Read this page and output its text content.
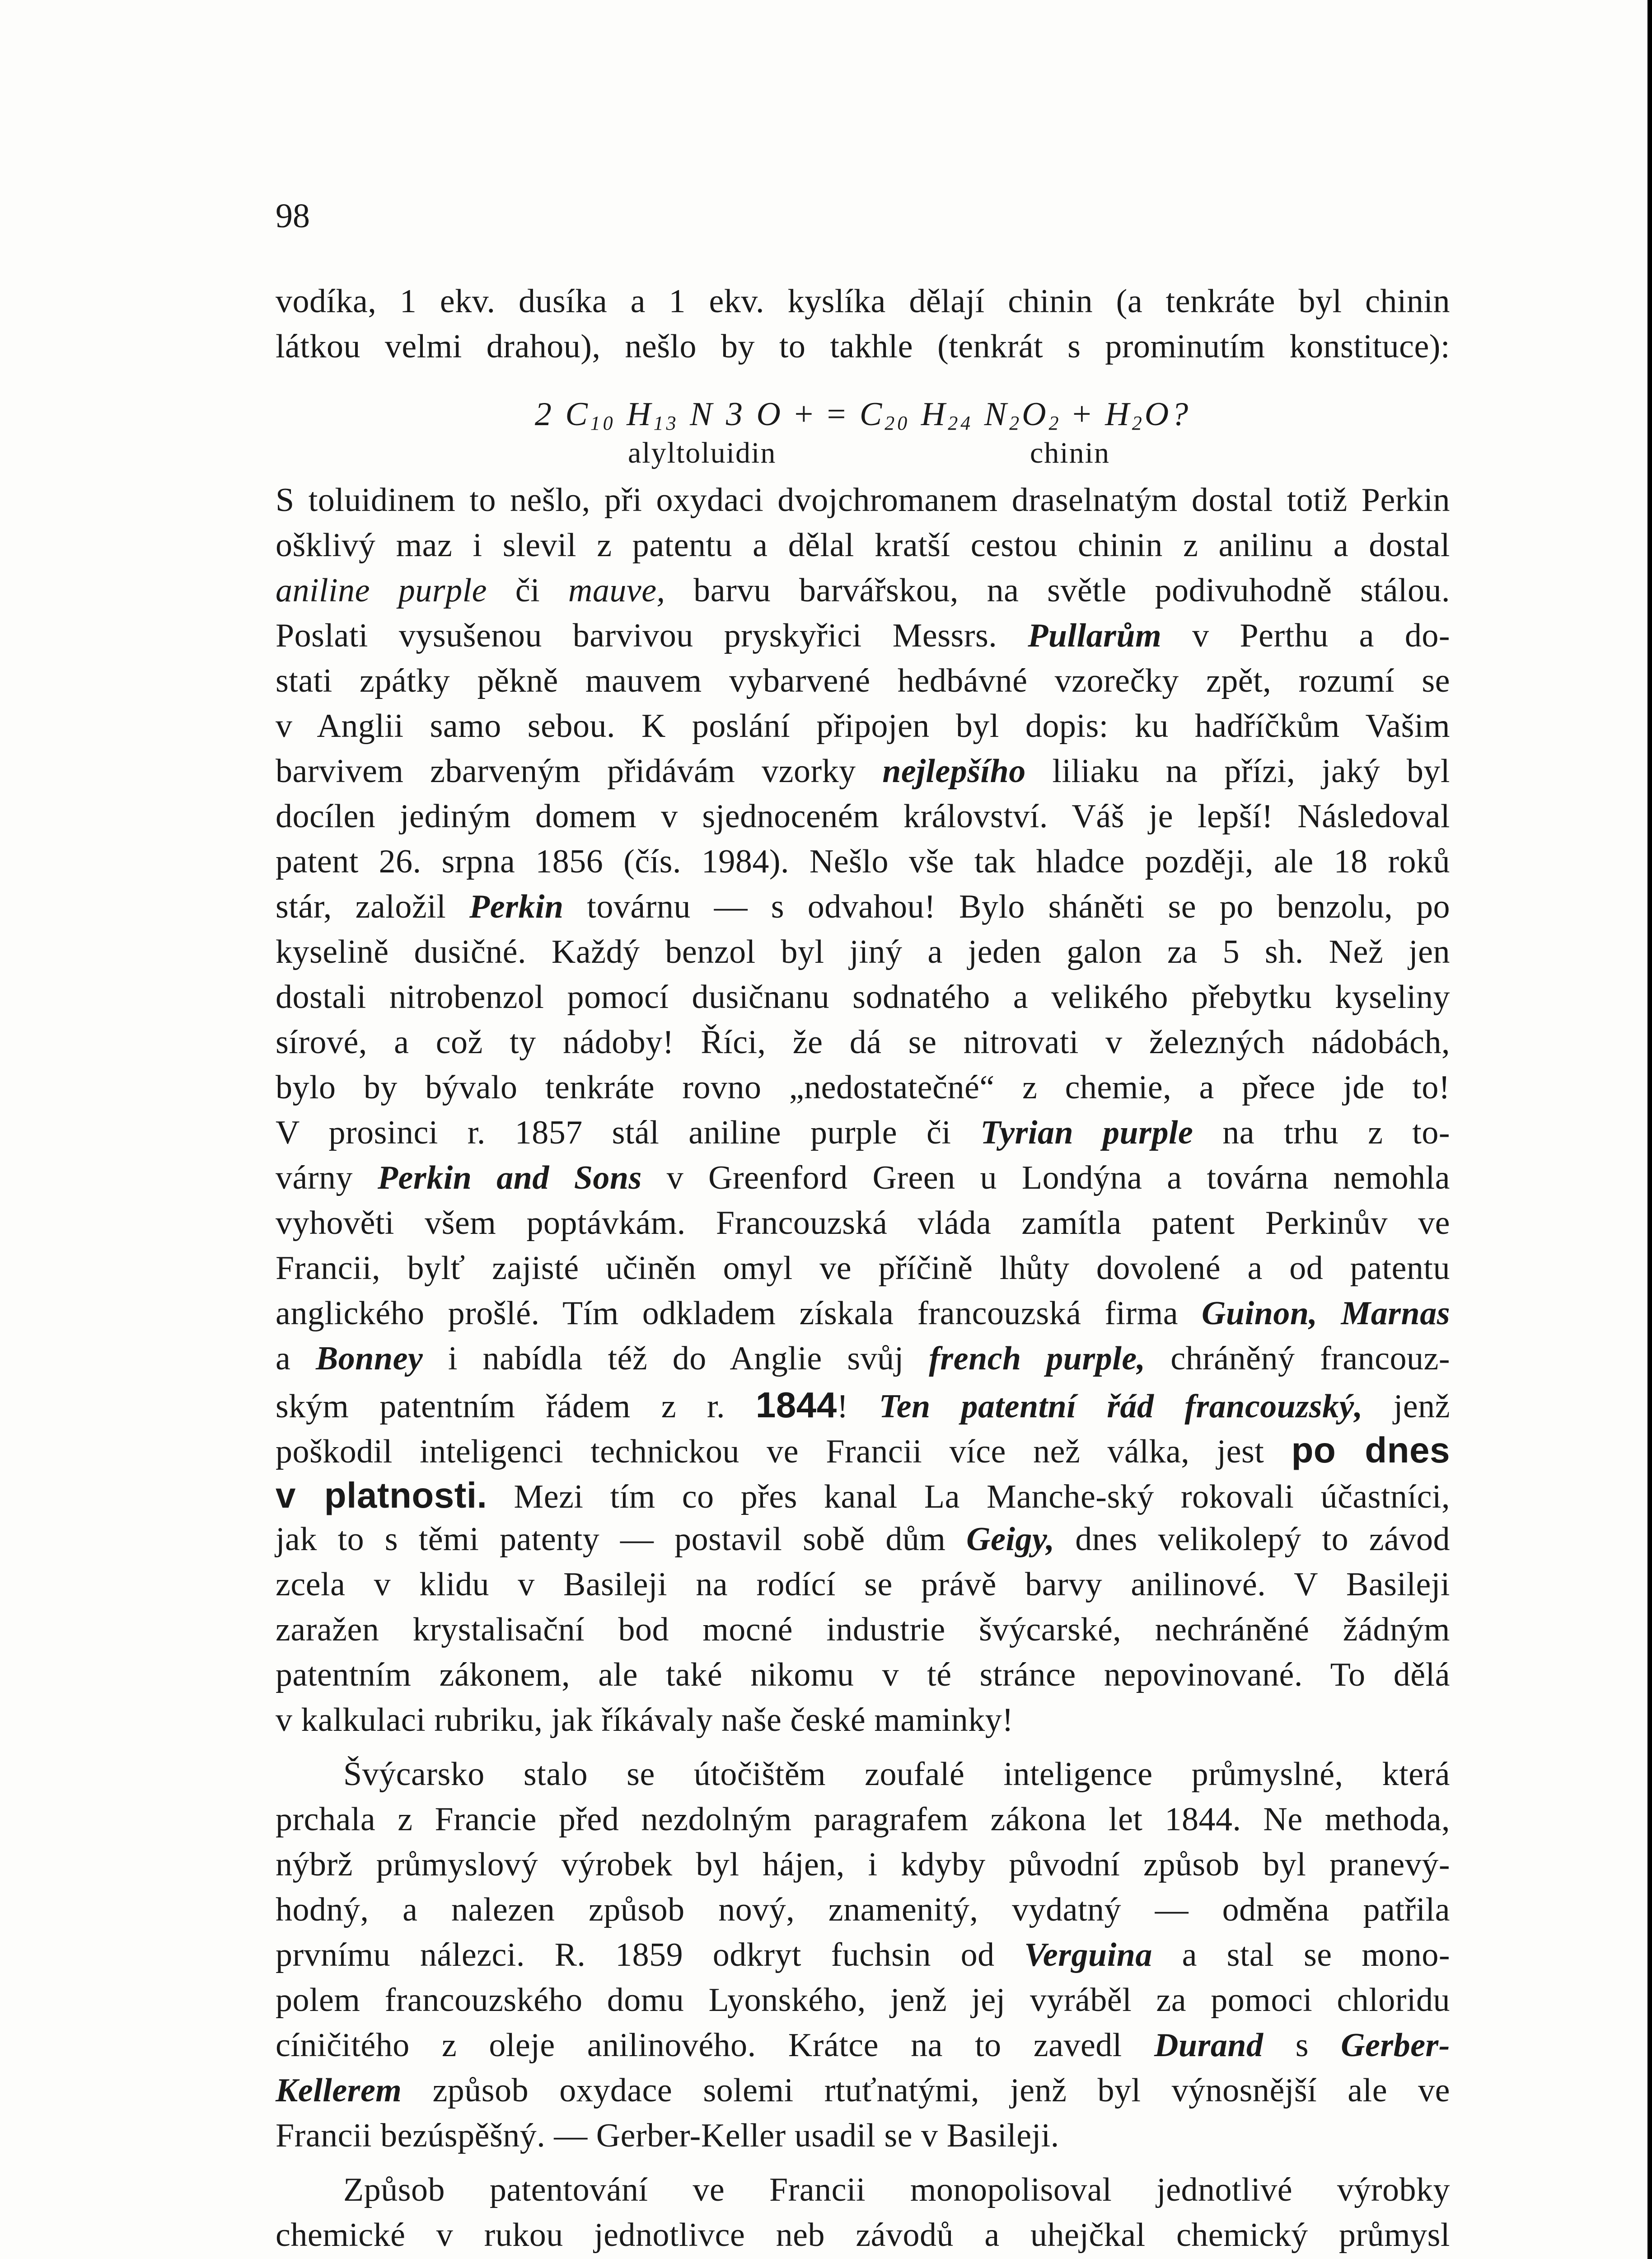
98
vodíka, 1 ekv. dusíka a 1 ekv. kyslíka dělají chinin (a tenkráte byl chinin
látkou velmi drahou), nešlo by to takhle (tenkrát s prominutím konstituce):
2 $C_{10}$ $H_{13}$ N 3 O + = $C_{20}$ $H_{24}$ $N_2O_2 + H_2O$?
alyltoluidin	chinin
S toluidinem to nešlo, při oxydaci dvojchromanem draselnatým dostal totiž Perkin
ošklivý maz i slevil z patentu a dělal kratší cestou chinin z anilinu a dostal
aniline purple či mauve, barvu barvářskou, na světle podivuhodně stálou.
Poslati vysušenou barvivou pryskyřici Messrs. Pullarům v Perthu a do-
stati zpátky pěkně mauvem vybarvené hedbávné vzorečky zpět, rozumí se
v Anglii samo sebou. K poslání připojen byl dopis: ku hadříčkům Vašim
barvivem zbarveným přidávám vzorky nejlepšího liliaku na přízi, jaký byl
docílen jediným domem v sjednoceném království. Váš je lepší! Následoval
patent 26. srpna 1856 (čís. 1984). Nešlo vše tak hladce později, ale 18 roků
stár, založil Perkin továrnu — s odvahou! Bylo sháněti se po benzolu, po
kyselině dusičné. Každý benzol byl jiný a jeden galon za 5 sh. Než jen
dostali nitrobenzol pomocí dusičnanu sodnatého a velikého přebytku kyseliny
sírové, a což ty nádoby! Říci, že dá se nitrovati v železných nádobách,
bylo by bývalo tenkráte rovno „nedostatečné“ z chemie, a přece jde to!
V prosinci r. 1857 stál aniline purple či Tyrian purple na trhu z to-
várny Perkin and Sons v Greenford Green u Londýna a továrna nemohla
vyhověti všem poptávkám. Francouzská vláda zamítla patent Perkinův ve
Francii, bylť zajisté učiněn omyl ve příčině lhůty dovolené a od patentu
anglického prošlé. Tím odkladem získala francouzská firma Guinon, Marnas
a Bonney i nabídla též do Anglie svůj french purple, chráněný francouz-
ským patentním řádem z r. 1844! Ten patentní řád francouzský, jenž
poškodil inteligenci technickou ve Francii více než válka, jest po dnes
v platnosti. Mezi tím co přes kanal La Manche-ský rokovali účastníci,
jak to s těmi patenty — postavil sobě dům Geigy, dnes velikolepý to závod
zcela v klidu v Basileji na rodící se právě barvy anilinové. V Basileji
zaražen krystalisační bod mocné industrie švýcarské, nechráněné žádným
patentním zákonem, ale také nikomu v té stránce nepovinované. To dělá
v kalkulaci rubriku, jak říkávaly naše české maminky!
Švýcarsko stalo se útočištěm zoufalé inteligence průmyslné, která
prchala z Francie před nezdolným paragrafem zákona let 1844. Ne methoda,
nýbrž průmyslový výrobek byl hájen, i kdyby původní způsob byl pranevý-
hodný, a nalezen způsob nový, znamenitý, vydatný — odměna patřila
prvnímu nálezci. R. 1859 odkryt fuchsin od Verguina a stal se mono-
polem francouzského domu Lyonského, jenž jej vyráběl za pomoci chloridu
cíničitého z oleje anilinového. Krátce na to zavedl Durand s Gerber-
Kellerem způsob oxydace solemi rtuťnatými, jenž byl výnosnější ale ve
Francii bezúspěšný. — Gerber-Keller usadil se v Basileji.
Způsob patentování ve Francii monopolisoval jednotlivé výrobky
chemické v rukou jednotlivce neb závodů a uhejčkal chemický průmysl
